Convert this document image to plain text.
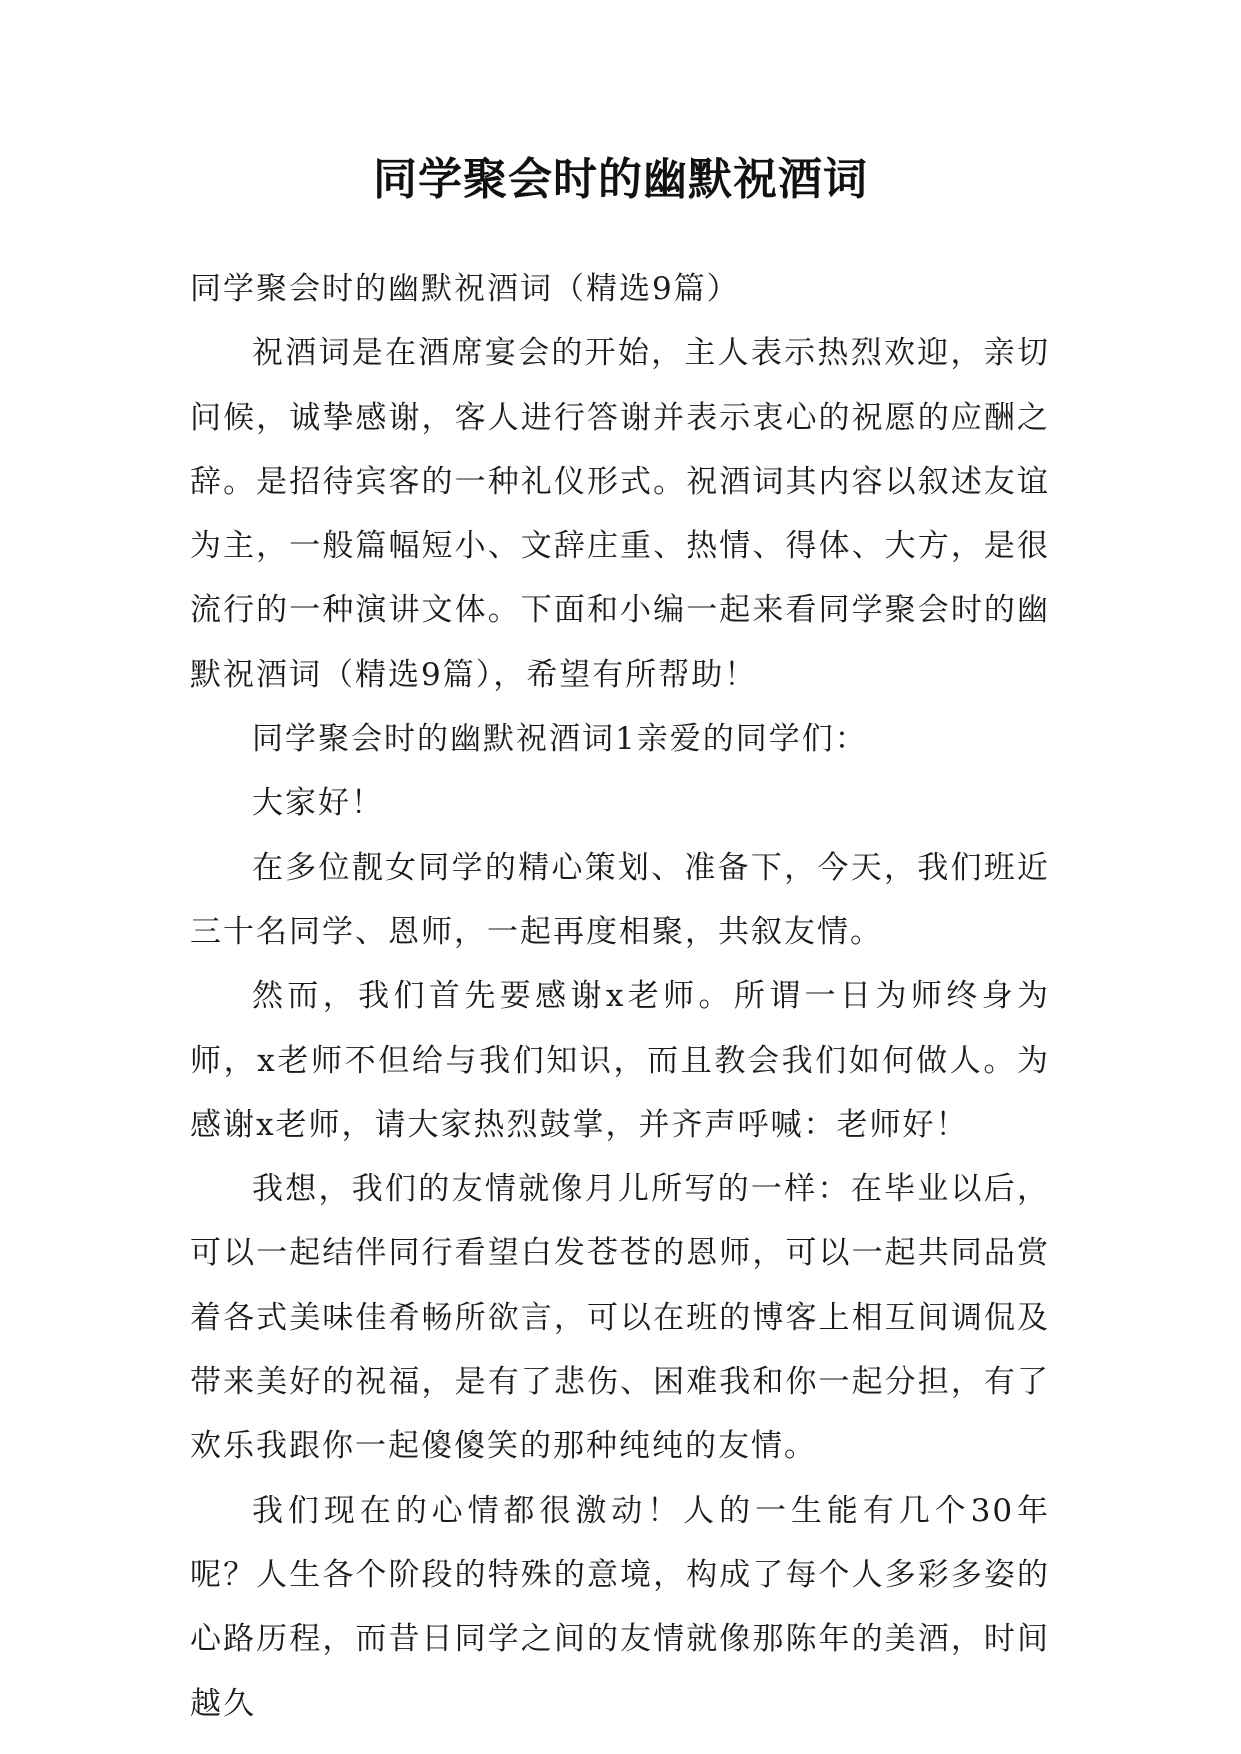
同学聚会时的幽默祝酒词

同学聚会时的幽默祝酒词（精选9篇）

祝酒词是在酒席宴会的开始，主人表示热烈欢迎，亲切问候，诚挚感谢，客人进行答谢并表示衷心的祝愿的应酬之辞。是招待宾客的一种礼仪形式。祝酒词其内容以叙述友谊为主，一般篇幅短小、文辞庄重、热情、得体、大方，是很流行的一种演讲文体。下面和小编一起来看同学聚会时的幽默祝酒词（精选9篇），希望有所帮助！

同学聚会时的幽默祝酒词1亲爱的同学们：

大家好！

在多位靓女同学的精心策划、准备下，今天，我们班近三十名同学、恩师，一起再度相聚，共叙友情。

然而，我们首先要感谢x老师。所谓一日为师终身为师，x老师不但给与我们知识，而且教会我们如何做人。为感谢x老师，请大家热烈鼓掌，并齐声呼喊：老师好！

我想，我们的友情就像月儿所写的一样：在毕业以后，可以一起结伴同行看望白发苍苍的恩师，可以一起共同品赏着各式美味佳肴畅所欲言，可以在班的博客上相互间调侃及带来美好的祝福，是有了悲伤、困难我和你一起分担，有了欢乐我跟你一起傻傻笑的那种纯纯的友情。

我们现在的心情都很激动！人的一生能有几个30年呢？人生各个阶段的特殊的意境，构成了每个人多彩多姿的心路历程，而昔日同学之间的友情就像那陈年的美酒，时间越久
